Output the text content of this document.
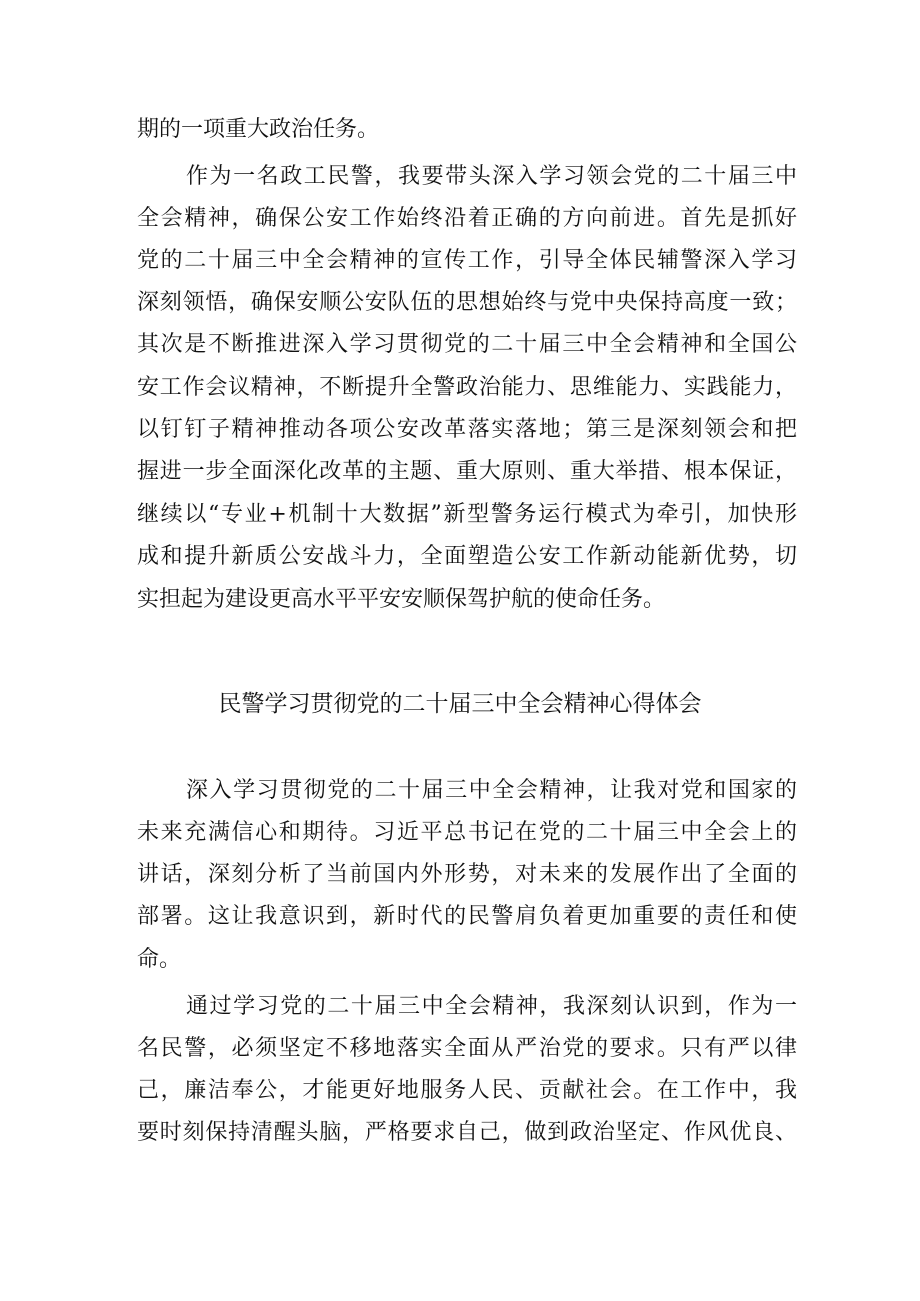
期的一项重大政治任务。
作为一名政工民警，我要带头深入学习领会党的二十届三中
全会精神，确保公安工作始终沿着正确的方向前进。首先是抓好
党的二十届三中全会精神的宣传工作，引导全体民辅警深入学习
深刻领悟，确保安顺公安队伍的思想始终与党中央保持高度一致；
其次是不断推进深入学习贯彻党的二十届三中全会精神和全国公
安工作会议精神，不断提升全警政治能力、思维能力、实践能力，
以钉钉子精神推动各项公安改革落实落地；第三是深刻领会和把
握进一步全面深化改革的主题、重大原则、重大举措、根本保证，
继续以“专业+机制十大数据”新型警务运行模式为牵引，加快形
成和提升新质公安战斗力，全面塑造公安工作新动能新优势，切
实担起为建设更高水平平安安顺保驾护航的使命任务。
民警学习贯彻党的二十届三中全会精神心得体会
深入学习贯彻党的二十届三中全会精神，让我对党和国家的
未来充满信心和期待。习近平总书记在党的二十届三中全会上的
讲话，深刻分析了当前国内外形势，对未来的发展作出了全面的
部署。这让我意识到，新时代的民警肩负着更加重要的责任和使
命。
通过学习党的二十届三中全会精神，我深刻认识到，作为一
名民警，必须坚定不移地落实全面从严治党的要求。只有严以律
己，廉洁奉公，才能更好地服务人民、贡献社会。在工作中，我
要时刻保持清醒头脑，严格要求自己，做到政治坚定、作风优良、
